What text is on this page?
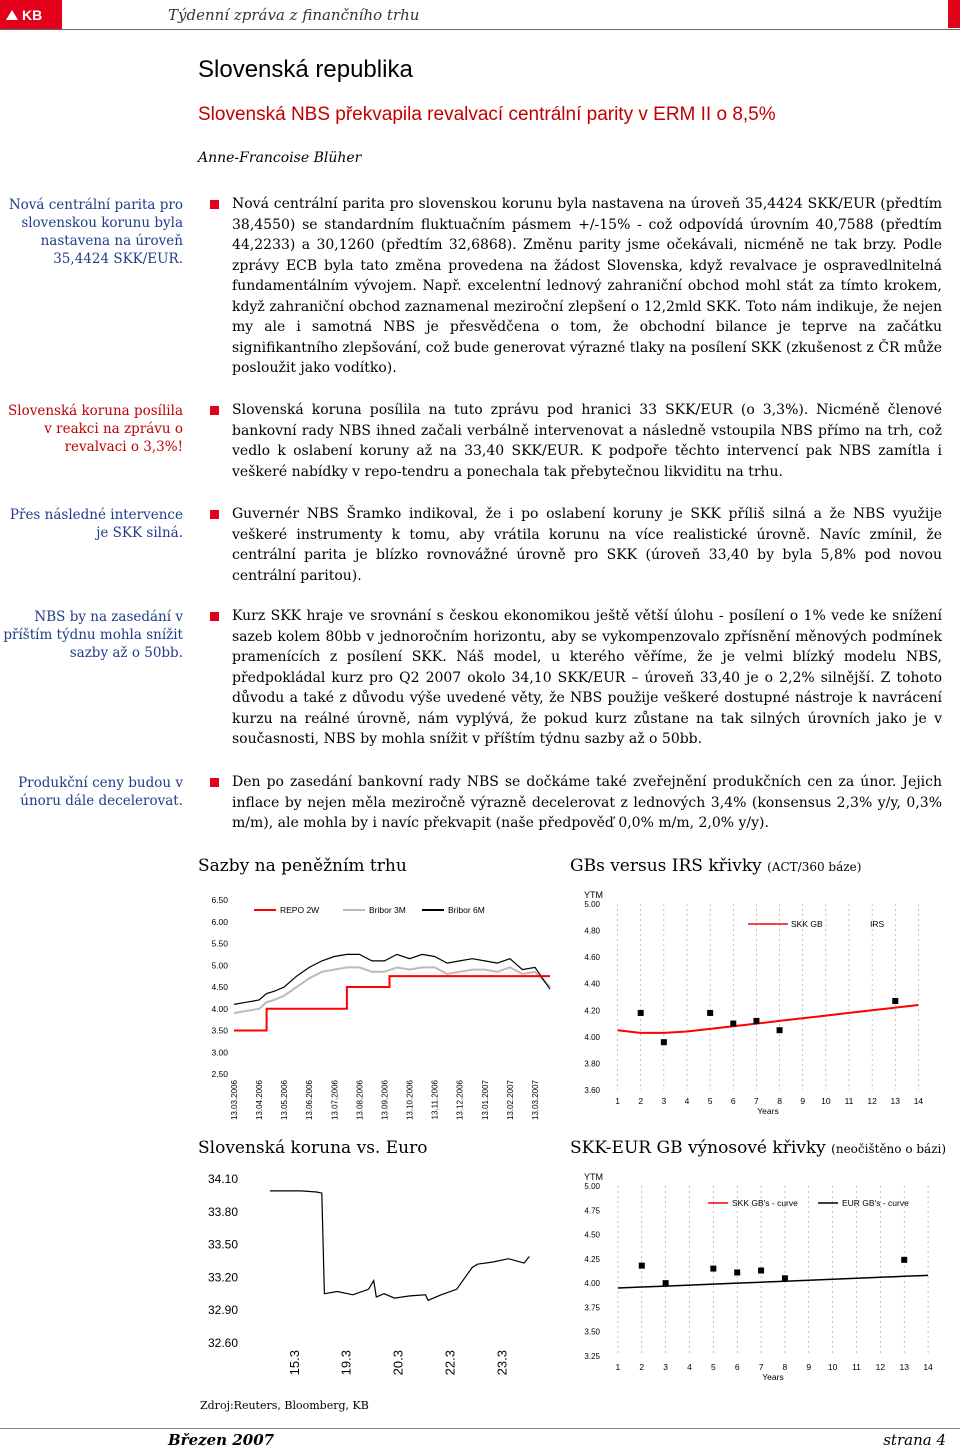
KB	Týdenní zpráva z finančního trhu
Slovenská republika
Slovenská NBS překvapila revalvací centrální parity v ERM II o 8,5%
Anne-Francoise Blüher
Nová centrální parita pro slovenskou korunu byla nastavena na úroveň 35,4424 SKK/EUR.
Slovenská koruna posílila v reakci na zprávu o revalvaci o 3,3%!
Přes následné intervence je SKK silná.
NBS by na zasedání v příštím týdnu mohla snížit sazby až o 50bb.
Produkční ceny budou v únoru dále decelerovat.
Nová centrální parita pro slovenskou korunu byla nastavena na úroveň 35,4424 SKK/EUR (předtím 38,4550) se standardním fluktuačním pásmem +/-15% - což odpovídá úrovním 40,7588 (předtím 44,2233) a 30,1260 (předtím 32,6868). Změnu parity jsme očekávali, nicméně ne tak brzy. Podle zprávy ECB byla tato změna provedena na žádost Slovenska, když revalvace je ospravedlnitelná fundamentálním vývojem. Např. excelentní lednový zahraniční obchod mohl stát za tímto krokem, když zahraniční obchod zaznamenal meziroční zlepšení o 12,2mld SKK. Toto nám indikuje, že nejen my ale i samotná NBS je přesvědčena o tom, že obchodní bilance je teprve na začátku signifikantního zlepšování, což bude generovat výrazné tlaky na posílení SKK (zkušenost z ČR může posloužit jako vodítko).
Slovenská koruna posílila na tuto zprávu pod hranici 33 SKK/EUR (o 3,3%). Nicméně členové bankovní rady NBS ihned začali verbálně intervenovat a následně vstoupila NBS přímo na trh, což vedlo k oslabení koruny až na 33,40 SKK/EUR. K podpoře těchto intervencí pak NBS zamítla i veškeré nabídky v repo-tendru a ponechala tak přebytečnou likviditu na trhu.
Guvernér NBS Šramko indikoval, že i po oslabení koruny je SKK příliš silná a že NBS využije veškeré instrumenty k tomu, aby vrátila korunu na více realistické úrovně. Navíc zmínil, že centrální parita je blízko rovnovážné úrovně pro SKK (úroveň 33,40 by byla 5,8% pod novou centrální paritou).
Kurz SKK hraje ve srovnání s českou ekonomikou ještě větší úlohu - posílení o 1% vede ke snížení sazeb kolem 80bb v jednoročním horizontu, aby se vykompenzovalo zpřísnění měnových podmínek pramenících z posílení SKK. Náš model, u kterého věříme, že je velmi blízký modelu NBS, předpokládal kurz pro Q2 2007 okolo 34,10 SKK/EUR – úroveň 33,40 je o 2,2% silnější. Z tohoto důvodu a také z důvodu výše uvedené věty, že NBS použije veškeré dostupné nástroje k navrácení kurzu na reálné úrovně, nám vyplývá, že pokud kurz zůstane na tak silných úrovních jako je v současnosti, NBS by mohla snížit v příštím týdnu sazby až o 50bb.
Den po zasedání bankovní rady NBS se dočkáme také zveřejnění produkčních cen za únor. Jejich inflace by nejen měla meziročně výrazně decelerovat z lednových 3,4% (konsensus 2,3% y/y, 0,3% m/m), ale mohla by i navíc překvapit (naše předpověď 0,0% m/m, 2,0% y/y).
Sazby na peněžním trhu	GBs versus IRS křivky (ACT/360 báze)
Slovenská koruna vs. Euro	SKK-EUR GB výnosové křivky (neočištěno o bázi)
6.50
6.00
5.50
5.00
4.50
4.00
3.50
3.00
2.50
13.03.2006 13.04.2006 13.05.2006 13.06.2006 13.07.2006 13.08.2006 13.09.2006 13.10.2006 13.11.2006 13.12.2006 13.01.2007 13.02.2007 13.03.2007
REPO 2W	Bribor 3M	Bribor 6M
5.00
4.80
4.60
4.40
4.20
4.00
3.80
3.60
YTM
1 2 3 4 5 6 7 8 9 10 11 12 13 14
Years
SKK GB	IRS
34.10
33.80
33.50
33.20
32.90
32.60
15.3	19.3	20.3	22.3	23.3
5.00
4.75
4.50
4.25
4.00
3.75
3.50
3.25
YTM
1 2 3 4 5 6 7 8 9 10 11 12 13 14
Years
SKK GB's - curve	EUR GB's - curve
Zdroj:Reuters, Bloomberg, KB
Březen 2007	strana 4
